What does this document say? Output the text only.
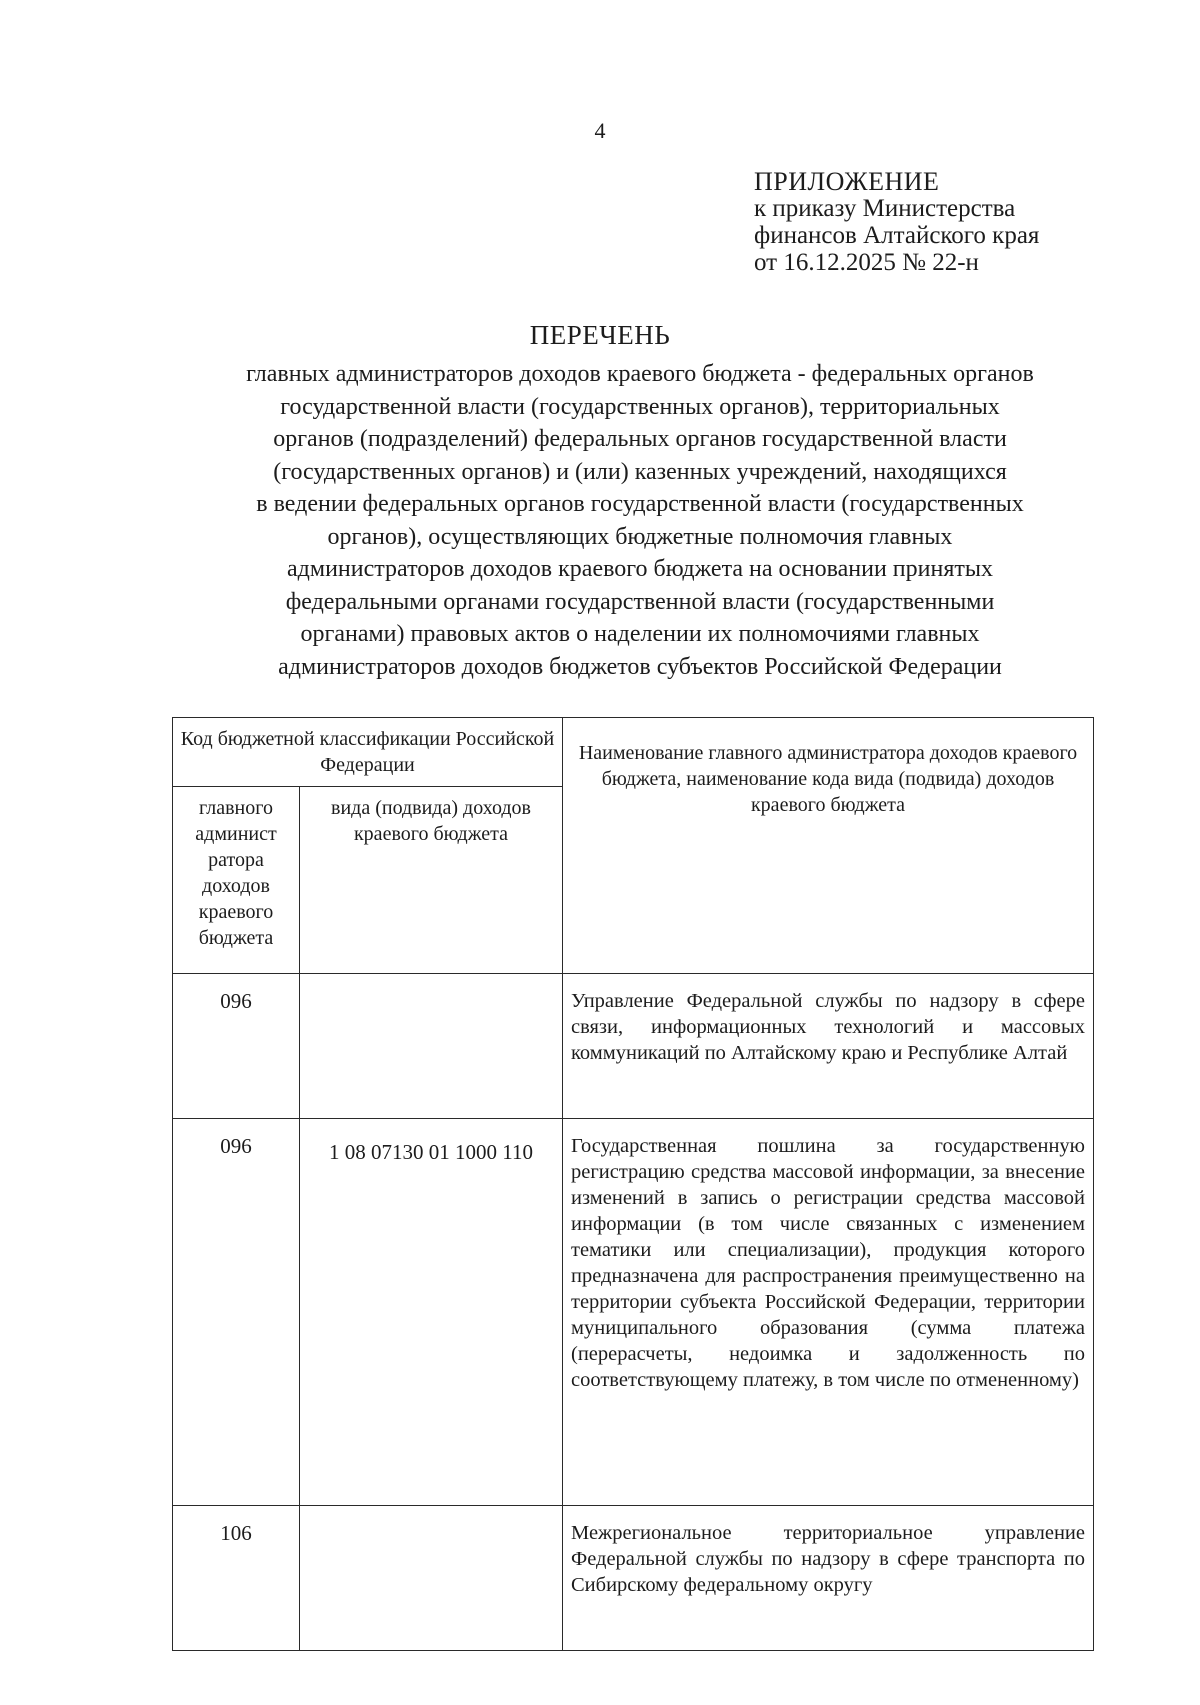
4
ПРИЛОЖЕНИЕ
к приказу Министерства
финансов Алтайского края
от 16.12.2025 № 22-н
ПЕРЕЧЕНЬ
главных администраторов доходов краевого бюджета - федеральных органов
государственной власти (государственных органов), территориальных
органов (подразделений) федеральных органов государственной власти
(государственных органов) и (или) казенных учреждений, находящихся
в ведении федеральных органов государственной власти (государственных
органов), осуществляющих бюджетные полномочия главных
администраторов доходов краевого бюджета на основании принятых
федеральными органами государственной власти (государственными
органами) правовых актов о наделении их полномочиями главных
администраторов доходов бюджетов субъектов Российской Федерации
Код бюджетной классификации Российской Федерации		Наименование главного администратора доходов краевого бюджета, наименование кода вида (подвида) доходов краевого бюджета
главного админист ратора доходов краевого бюджета	вида (подвида) доходов краевого бюджета	
096		Управление Федеральной службы по надзору в сфере связи, информационных технологий и массовых коммуникаций по Алтайскому краю и Республике Алтай
096	1 08 07130 01 1000 110	Государственная пошлина за государственную регистрацию средства массовой информации, за внесение изменений в запись о регистрации средства массовой информации (в том числе связанных с изменением тематики или специализации), продукция которого предназначена для распространения преимущественно на территории субъекта Российской Федерации, территории муниципального образования (сумма платежа (перерасчеты, недоимка и задолженность по соответствующему платежу, в том числе по отмененному)
106		Межрегиональное территориальное управление Федеральной службы по надзору в сфере транспорта по Сибирскому федеральному округу
